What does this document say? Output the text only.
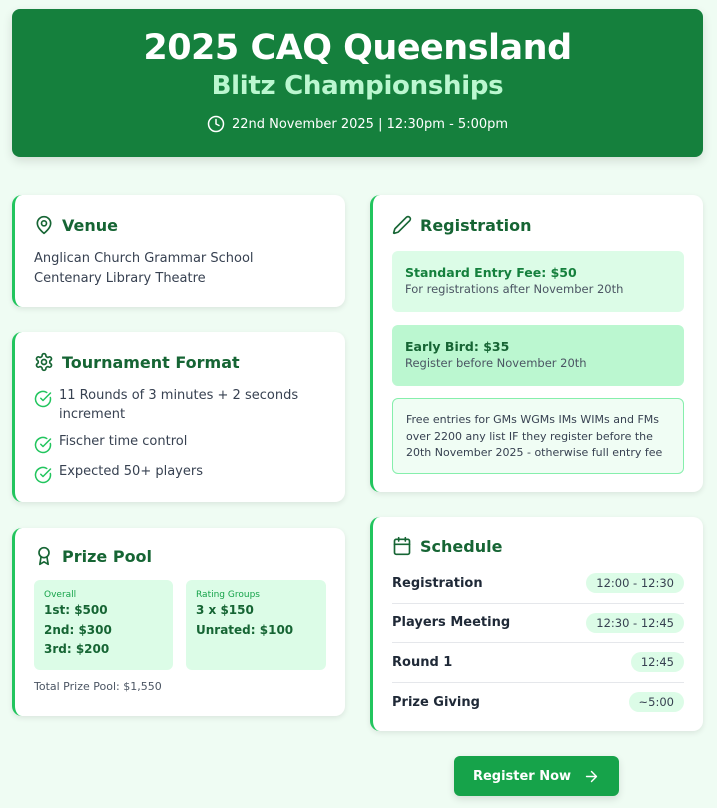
2025 CAQ Queensland
Blitz Championships
22nd November 2025 | 12:30pm - 5:00pm
Venue
Anglican Church Grammar School
Centenary Library Theatre
Tournament Format
11 Rounds of 3 minutes + 2 seconds increment
Fischer time control
Expected 50+ players
Prize Pool
Overall
1st: $500
2nd: $300
3rd: $200
Rating Groups
3 x $150
Unrated: $100
Total Prize Pool: $1,550
Registration
Standard Entry Fee: $50
For registrations after November 20th
Early Bird: $35
Register before November 20th
Free entries for GMs WGMs IMs WIMs and FMs over 2200 any list IF they register before the 20th November 2025 - otherwise full entry fee
Schedule
Registration	12:00 - 12:30
Players Meeting	12:30 - 12:45
Round 1	12:45
Prize Giving	~5:00
Register Now
